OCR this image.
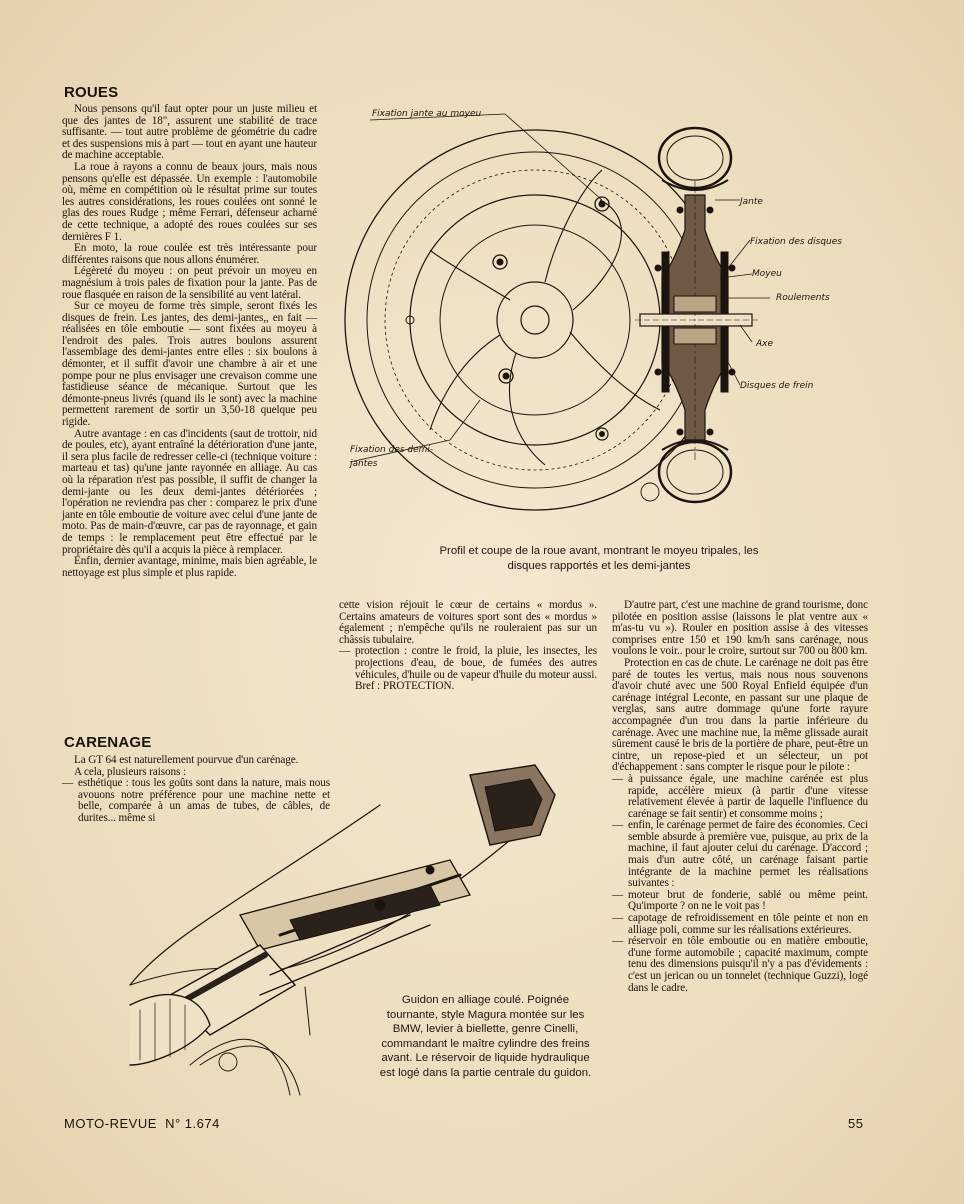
ROUES

Nous pensons qu'il faut opter pour un juste milieu et que des jantes de 18", assurent une stabilité de trace suffisante. — tout autre problème de géométrie du cadre et des suspensions mis à part — tout en ayant une hauteur de machine acceptable.

La roue à rayons a connu de beaux jours, mais nous pensons qu'elle est dépassée. Un exemple : l'automobile où, même en compétition où le résultat prime sur toutes les autres considérations, les roues coulées ont sonné le glas des roues Rudge ; même Ferrari, défenseur acharné de cette technique, a adopté des roues coulées sur ses dernières F 1.

En moto, la roue coulée est très intéressante pour différentes raisons que nous allons énumérer.

Légèreté du moyeu : on peut prévoir un moyeu en magnésium à trois pales de fixation pour la jante. Pas de roue flasquée en raison de la sensibilité au vent latéral.

Sur ce moyeu de forme très simple, seront fixés les disques de frein. Les jantes, des demi-jantes,, en fait — réalisées en tôle emboutie — sont fixées au moyeu à l'endroit des pales. Trois autres boulons assurent l'assemblage des demi-jantes entre elles : six boulons à démonter, et il suffit d'avoir une chambre à air et une pompe pour ne plus envisager une crevaison comme une fastidieuse séance de mécanique. Surtout que les démonte-pneus livrés (quand ils le sont) avec la machine permettent rarement de sortir un 3,50-18 quelque peu rigide.

Autre avantage : en cas d'incidents (saut de trottoir, nid de poules, etc), ayant entraîné la détérioration d'une jante, il sera plus facile de redresser celle-ci (technique voiture : marteau et tas) qu'une jante rayonnée en alliage. Au cas où la réparation n'est pas possible, il suffit de changer la demi-jante ou les deux demi-jantes détériorées ; l'opération ne reviendra pas cher : comparez le prix d'une jante en tôle emboutie de voiture avec celui d'une jante de moto. Pas de main-d'œuvre, car pas de rayonnage, et gain de temps : le remplacement peut être effectué par le propriétaire dès qu'il a acquis la pièce à remplacer.

Enfin, dernier avantage, minime, mais bien agréable, le nettoyage est plus simple et plus rapide.

CARENAGE

La GT 64 est naturellement pourvue d'un carénage.

A cela, plusieurs raisons :

— esthétique : tous les goûts sont dans la nature, mais nous avouons notre préférence pour une machine nette et belle, comparée à un amas de tubes, de câbles, de durites... même si

cette vision réjouit le cœur de certains « mordus ». Certains amateurs de voitures sport sont des « mordus » également ; n'empêche qu'ils ne rouleraient pas sur un châssis tubulaire.

— protection : contre le froid, la pluie, les insectes, les projections d'eau, de boue, de fumées des autres véhicules, d'huile ou de vapeur d'huile du moteur aussi. Bref : PROTECTION.

D'autre part, c'est une machine de grand tourisme, donc pilotée en position assise (laissons le plat ventre aux « m'as-tu vu »). Rouler en position assise à des vitesses comprises entre 150 et 190 km/h sans carénage, nous voulons le voir.. pour le croire, surtout sur 700 ou 800 km.

Protection en cas de chute. Le carénage ne doit pas être paré de toutes les vertus, mais nous nous souvenons d'avoir chuté avec une 500 Royal Enfield équipée d'un carénage intégral Leconte, en passant sur une plaque de verglas, sans autre dommage qu'une forte rayure accompagnée d'un trou dans la partie inférieure du carénage. Avec une machine nue, la même glissade aurait sûrement causé le bris de la portière de phare, peut-être un cintre, un repose-pied et un sélecteur, un pot d'échappement : sans compter le risque pour le pilote :

— à puissance égale, une machine carénée est plus rapide, accélère mieux (à partir d'une vitesse relativement élevée à partir de laquelle l'influence du carénage se fait sentir) et consomme moins ;
— enfin, le carénage permet de faire des économies. Ceci semble absurde à première vue, puisque, au prix de la machine, il faut ajouter celui du carénage. D'accord ; mais d'un autre côté, un carénage faisant partie intégrante de la machine permet les réalisations suivantes :
— moteur brut de fonderie, sablé ou même peint. Qu'importe ? on ne le voit pas !
— capotage de refroidissement en tôle peinte et non en alliage poli, comme sur les réalisations extérieures.
— réservoir en tôle emboutie ou en matière emboutie, d'une forme automobile ; capacité maximum, compte tenu des dimensions puisqu'il n'y a pas d'évidements : c'est un jerican ou un tonnelet (technique Guzzi), logé dans le cadre.
Fixation jante au moyeu
Jante
Fixation des disques
Moyeu
Roulements
Axe
Disques de frein
Fixation des demi-
jantes
Profil et coupe de la roue avant, montrant le moyeu tripales, les disques rapportés et les demi-jantes
Guidon en alliage coulé. Poignée tournante, style Magura montée sur les BMW, levier à biellette, genre Cinelli, commandant le maître cylindre des freins avant. Le réservoir de liquide hydraulique est logé dans la partie centrale du guidon.
MOTO-REVUE  N° 1.674	55
